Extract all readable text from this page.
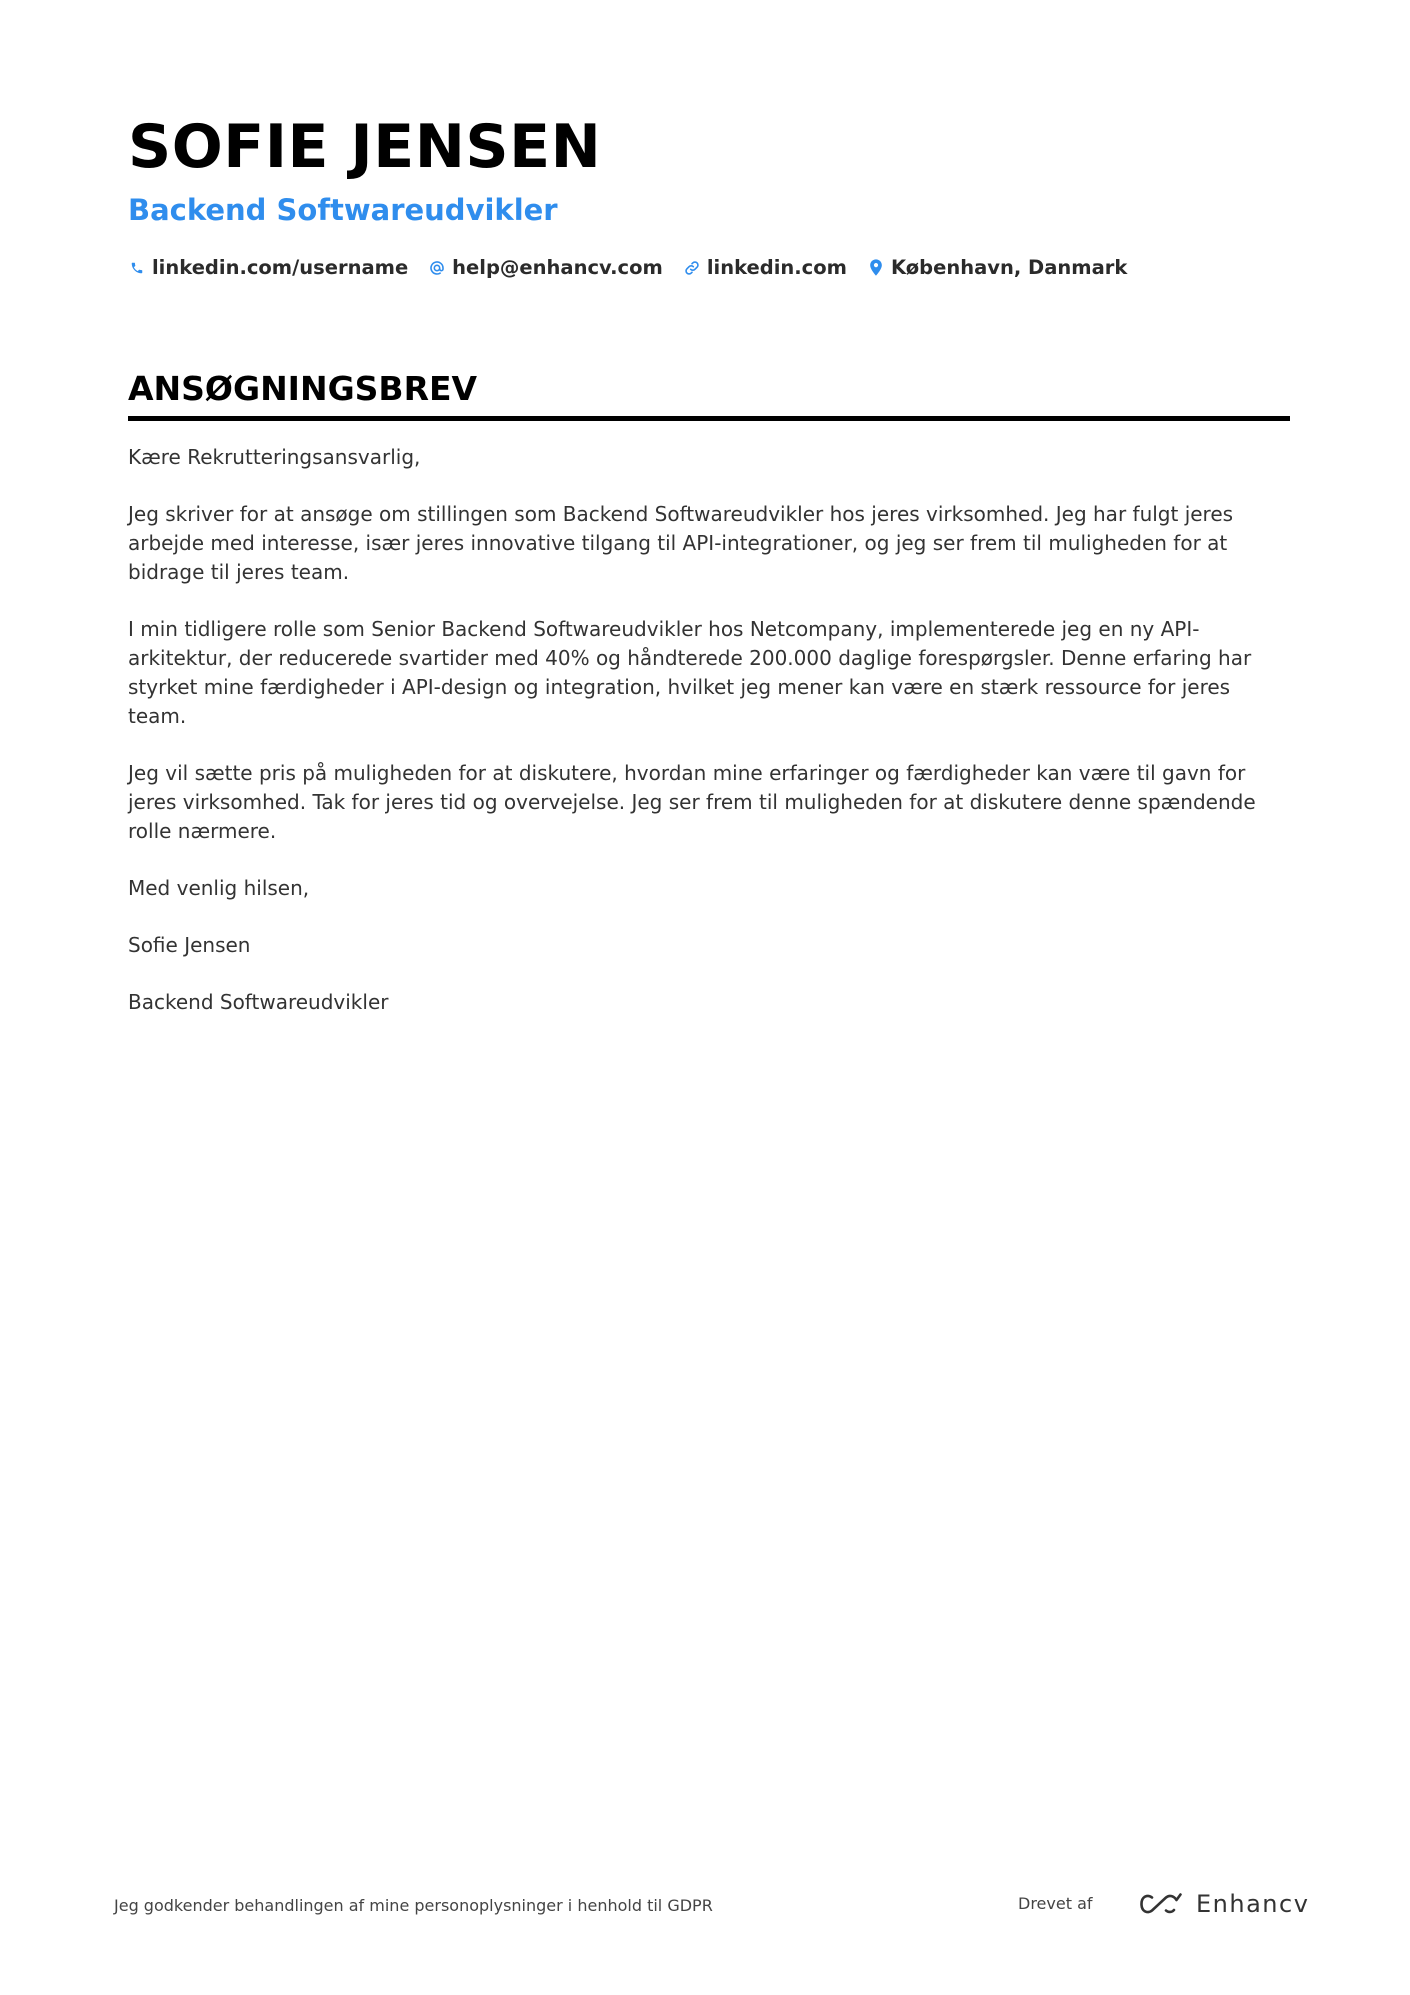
SOFIE JENSEN
Backend Softwareudvikler
linkedin.com/username help@enhancv.com linkedin.com København, Danmark
ANSØGNINGSBREV

Kære Rekrutteringsansvarlig,

Jeg skriver for at ansøge om stillingen som Backend Softwareudvikler hos jeres virksomhed. Jeg har fulgt jeres arbejde med interesse, især jeres innovative tilgang til API-integrationer, og jeg ser frem til muligheden for at bidrage til jeres team.

I min tidligere rolle som Senior Backend Softwareudvikler hos Netcompany, implementerede jeg en ny API-arkitektur, der reducerede svartider med 40% og håndterede 200.000 daglige forespørgsler. Denne erfaring har styrket mine færdigheder i API-design og integration, hvilket jeg mener kan være en stærk ressource for jeres team.

Jeg vil sætte pris på muligheden for at diskutere, hvordan mine erfaringer og færdigheder kan være til gavn for jeres virksomhed. Tak for jeres tid og overvejelse. Jeg ser frem til muligheden for at diskutere denne spændende rolle nærmere.

Med venlig hilsen,

Sofie Jensen

Backend Softwareudvikler

Jeg godkender behandlingen af mine personoplysninger i henhold til GDPR	Drevet af	Enhancv
